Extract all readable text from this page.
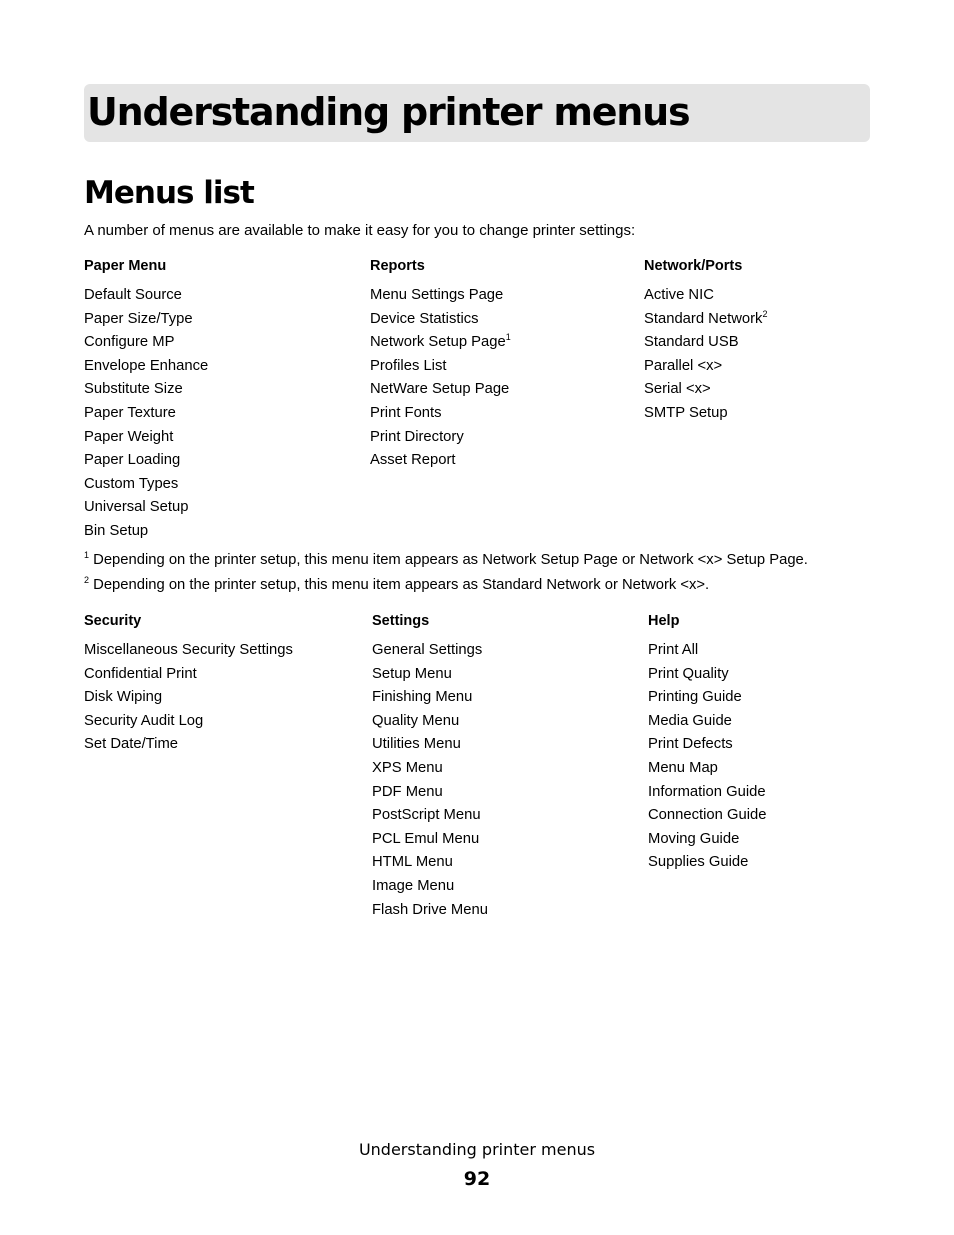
Understanding printer menus
Menus list

A number of menus are available to make it easy for you to change printer settings:

Paper Menu
Default Source
Paper Size/Type
Configure MP
Envelope Enhance
Substitute Size
Paper Texture
Paper Weight
Paper Loading
Custom Types
Universal Setup
Bin Setup
Reports
Menu Settings Page
Device Statistics
Network Setup Page$^1$
Profiles List
NetWare Setup Page
Print Fonts
Print Directory
Asset Report
Network/Ports
Active NIC
Standard Network$^2$
Standard USB
Parallel <x>
Serial <x>
SMTP Setup
$^1$ Depending on the printer setup, this menu item appears as Network Setup Page or Network <x> Setup Page.
$^2$ Depending on the printer setup, this menu item appears as Standard Network or Network <x>.
Security
Miscellaneous Security Settings
Confidential Print
Disk Wiping
Security Audit Log
Set Date/Time
Settings
General Settings
Setup Menu
Finishing Menu
Quality Menu
Utilities Menu
XPS Menu
PDF Menu
PostScript Menu
PCL Emul Menu
HTML Menu
Image Menu
Flash Drive Menu
Help
Print All
Print Quality
Printing Guide
Media Guide
Print Defects
Menu Map
Information Guide
Connection Guide
Moving Guide
Supplies Guide
Understanding printer menus
92
